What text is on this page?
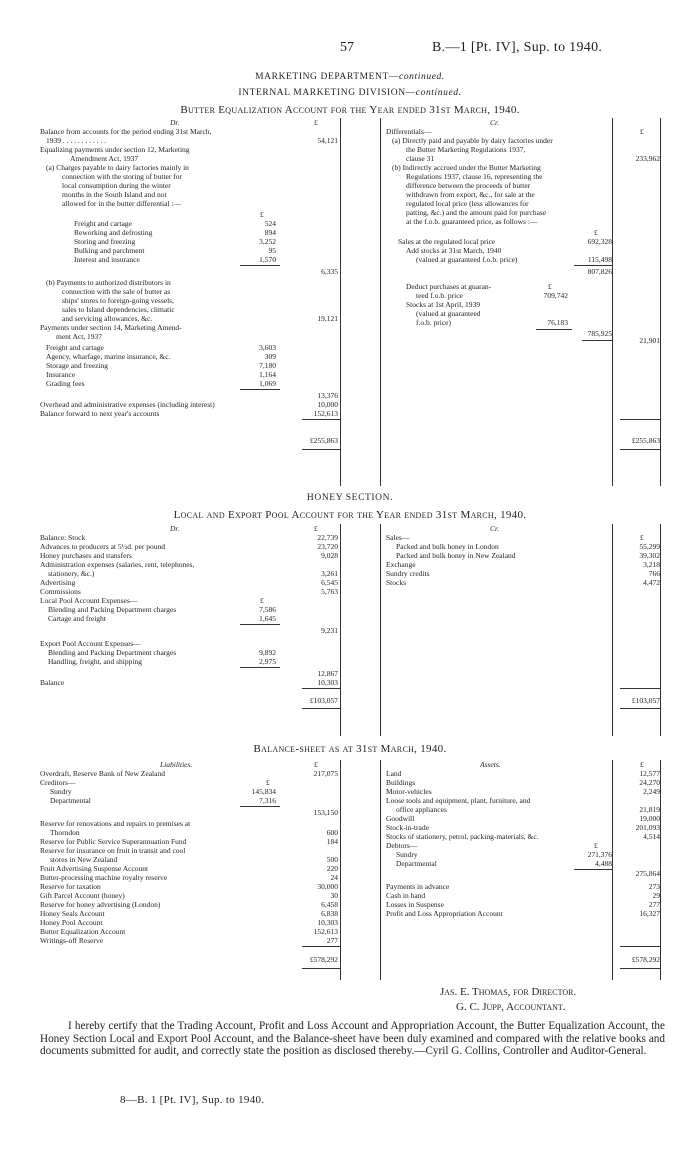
57	B.—1 [Pt. IV], Sup. to 1940.
MARKETING DEPARTMENT—continued.
INTERNAL MARKETING DIVISION—continued.
Butter Equalization Account for the Year ended 31st March, 1940.
Dr.	£	Cr.
£
Balance from accounts for the period ending 31st March,
1939 . . . . . . . . . . . .	54,121
Equalizing payments under section 12, Marketing
Amendment Act, 1937
(a) Charges payable to dairy factories mainly in
connection with the storing of butter for
local consumption during the winter
months in the South Island and not
allowed for in the butter differential :—
£
Freight and cartage	524
Reworking and defrosting	894
Storing and freezing	3,252
Bulking and parchment	95
Interest and insurance	1,570
6,335
(b) Payments to authorized distributors in
connection with the sale of butter as
ships' stores to foreign-going vessels,
sales to Island dependencies, climatic
and servicing allowances, &c.	19,121
Payments under section 14, Marketing Amend-
ment Act, 1937
Freight and cartage	3,603
Agency, wharfage, marine insurance, &c.	309
Storage and freezing	7,180
Insurance	1,164
Grading fees	1,069
13,376
Overhead and administrative expenses (including interest)	10,000
Balance forward to next year's accounts	152,613
£255,863
Differentials—
(a) Directly paid and payable by dairy factories under
the Butter Marketing Regulations 1937,
clause 31	233,962
(b) Indirectly accrued under the Butter Marketing
Regulations 1937, clause 16, representing the
difference between the proceeds of butter
withdrawn from export, &c., for sale at the
regulated local price (less allowances for
patting, &c.) and the amount paid for purchase
at the f.o.b. guaranteed price, as follows :—
£
Sales at the regulated local price	692,328
Add stocks at 31st March, 1940
(valued at guaranteed f.o.b. price)	115,498
807,826
Deduct purchases at guaran-	£
teed f.o.b. price	709,742
Stocks at 1st April, 1939
(valued at guaranteed
f.o.b. price)	76,183
785,925
21,901
£255,863
HONEY SECTION.
Local and Export Pool Account for the Year ended 31st March, 1940.
Dr.	£	Cr.
£
Balance: Stock	22,739
Advances to producers at 5½d. per pound	23,720
Honey purchases and transfers	9,028
Administration expenses (salaries, rent, telephones,
stationery, &c.)	3,261
Advertising	6,545
Commissions	5,763
Local Pool Account Expenses—	£
Blending and Packing Department charges	7,586
Cartage and freight	1,645
9,231
Export Pool Account Expenses—
Blending and Packing Department charges	9,892
Handling, freight, and shipping	2,975
12,867
Balance	10,303
£103,057
Sales—
Packed and bulk honey in London	55,299
Packed and bulk honey in New Zealand	39,302
Exchange	3,218
Sundry credits	766
Stocks	4,472
£103,057
Balance-sheet as at 31st March, 1940.
Liabilities.	£	Assets.	£
Overdraft, Reserve Bank of New Zealand	217,075
Creditors—	£
Sundry	145,834
Departmental	7,316
153,150
Reserve for renovations and repairs to premises at
Thorndon	600
Reserve for Public Service Superannuation Fund	184
Reserve for insurance on fruit in transit and cool
stores in New Zealand	500
Fruit Advertising Suspense Account	220
Butter-processing machine royalty reserve	24
Reserve for taxation	30,000
Gift Parcel Account (honey)	30
Reserve for honey advertising (London)	6,458
Honey Seals Account	6,838
Honey Pool Account	10,303
Butter Equalization Account	152,613
Writings-off Reserve	277
£578,292
Land	12,577
Buildings	24,270
Motor-vehicles	2,249
Loose tools and equipment, plant, furniture, and
office appliances	21,819
Goodwill	19,000
Stock-in-trade	201,093
Stocks of stationery, petrol, packing-materials, &c.	4,514
Debtors—	£
Sundry	271,376
Departmental	4,488
275,864
Payments in advance	273
Cash in hand	29
Losses in Suspense	277
Profit and Loss Appropriation Account	16,327
£578,292
Jas. E. Thomas, for Director.
G. C. Jupp, Accountant.
I hereby certify that the Trading Account, Profit and Loss Account and Appropriation Account, the Butter Equalization Account, the Honey Section Local and Export Pool Account, and the Balance-sheet have been duly examined and compared with the relative books and documents submitted for audit, and correctly state the position as disclosed thereby.—Cyril G. Collins, Controller and Auditor-General.
8—B. 1 [Pt. IV], Sup. to 1940.
